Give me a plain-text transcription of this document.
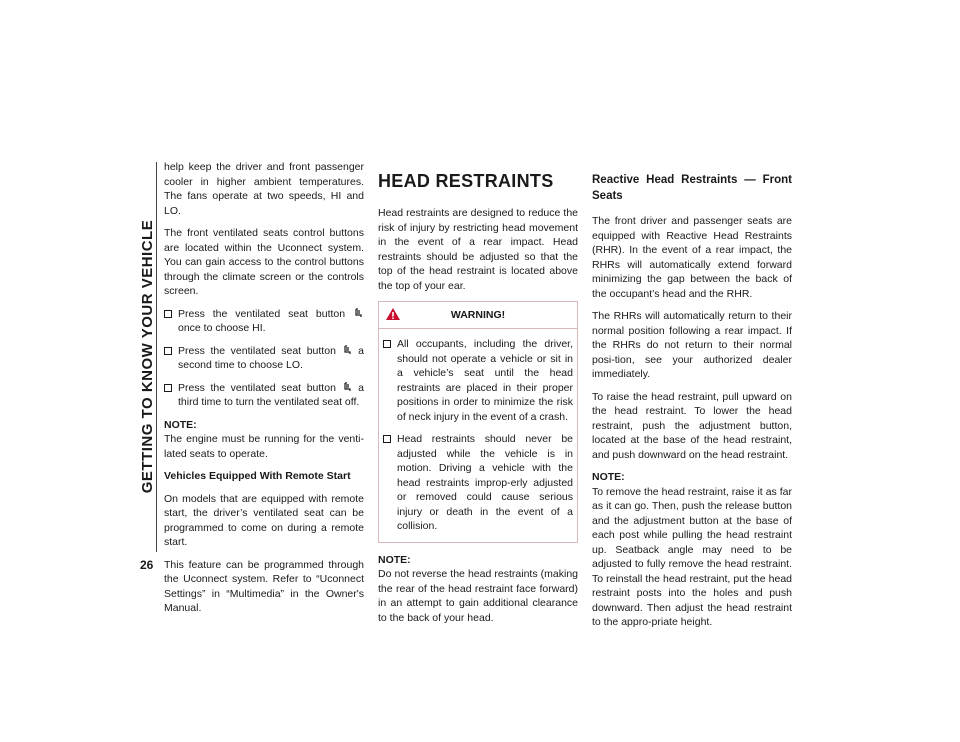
GETTING TO KNOW YOUR VEHICLE
26

help keep the driver and front passenger cooler in higher ambient temperatures. The fans operate at two speeds, HI and LO.

The front ventilated seats control buttons are located within the Uconnect system. You can gain access to the control buttons through the climate screen or the controls screen.

Press the ventilated seat button  once to choose HI.
Press the ventilated seat button a second time to choose LO.
Press the ventilated seat button a third time to turn the ventilated seat off.

NOTE:
The engine must be running for the venti-lated seats to operate.

Vehicles Equipped With Remote Start

On models that are equipped with remote start, the driver’s ventilated seat can be programmed to come on during a remote start.

This feature can be programmed through the Uconnect system. Refer to “Uconnect Settings” in “Multimedia” in the Owner's Manual.

HEAD RESTRAINTS

Head restraints are designed to reduce the risk of injury by restricting head movement in the event of a rear impact. Head restraints should be adjusted so that the top of the head restraint is located above the top of your ear.

WARNING!
All occupants, including the driver, should not operate a vehicle or sit in a vehicle’s seat until the head restraints are placed in their proper positions in order to minimize the risk of neck injury in the event of a crash.
Head restraints should never be adjusted while the vehicle is in motion. Driving a vehicle with the head restraints improp-erly adjusted or removed could cause serious injury or death in the event of a collision.

NOTE:
Do not reverse the head restraints (making the rear of the head restraint face forward) in an attempt to gain additional clearance to the back of your head.

Reactive Head Restraints — Front Seats

The front driver and passenger seats are equipped with Reactive Head Restraints (RHR). In the event of a rear impact, the RHRs will automatically extend forward minimizing the gap between the back of the occupant’s head and the RHR.

The RHRs will automatically return to their normal position following a rear impact. If the RHRs do not return to their normal posi-tion, see your authorized dealer immediately.

To raise the head restraint, pull upward on the head restraint. To lower the head restraint, push the adjustment button, located at the base of the head restraint, and push downward on the head restraint.

NOTE:
To remove the head restraint, raise it as far as it can go. Then, push the release button and the adjustment button at the base of each post while pulling the head restraint up. Seatback angle may need to be adjusted to fully remove the head restraint. To reinstall the head restraint, put the head restraint posts into the holes and push downward. Then adjust the head restraint to the appro-priate height.
